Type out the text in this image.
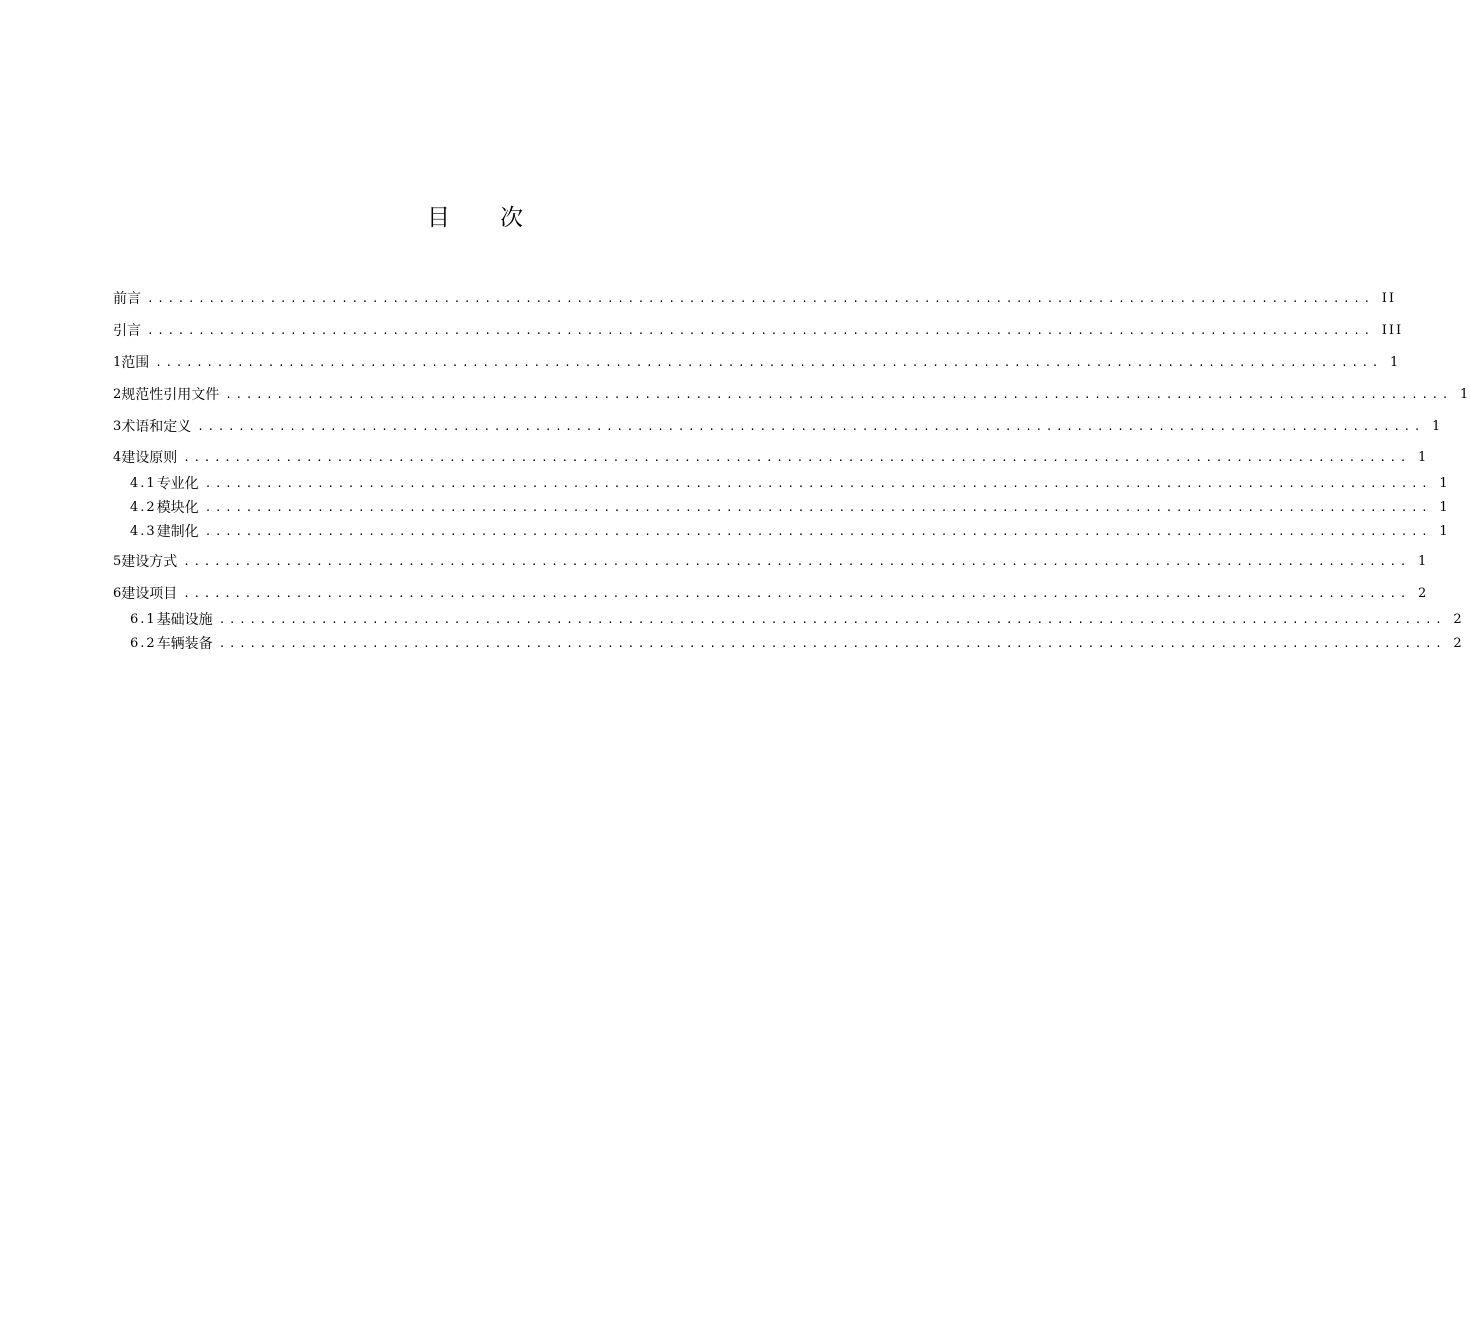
目 次
前言 ........................................................................................................................ II
引言 ........................................................................................................................ III
1 范围 ........................................................................................................................ 1
2 规范性引用文件 ........................................................................................................................ 1
3 术语和定义 ........................................................................................................................ 1
4 建设原则 ........................................................................................................................ 1
4.1 专业化 ........................................................................................................................ 1
4.2 模块化 ........................................................................................................................ 1
4.3 建制化 ........................................................................................................................ 1
5 建设方式 ........................................................................................................................ 1
6 建设项目 ........................................................................................................................ 2
6.1 基础设施 ........................................................................................................................ 2
6.2 车辆装备 ........................................................................................................................ 2
